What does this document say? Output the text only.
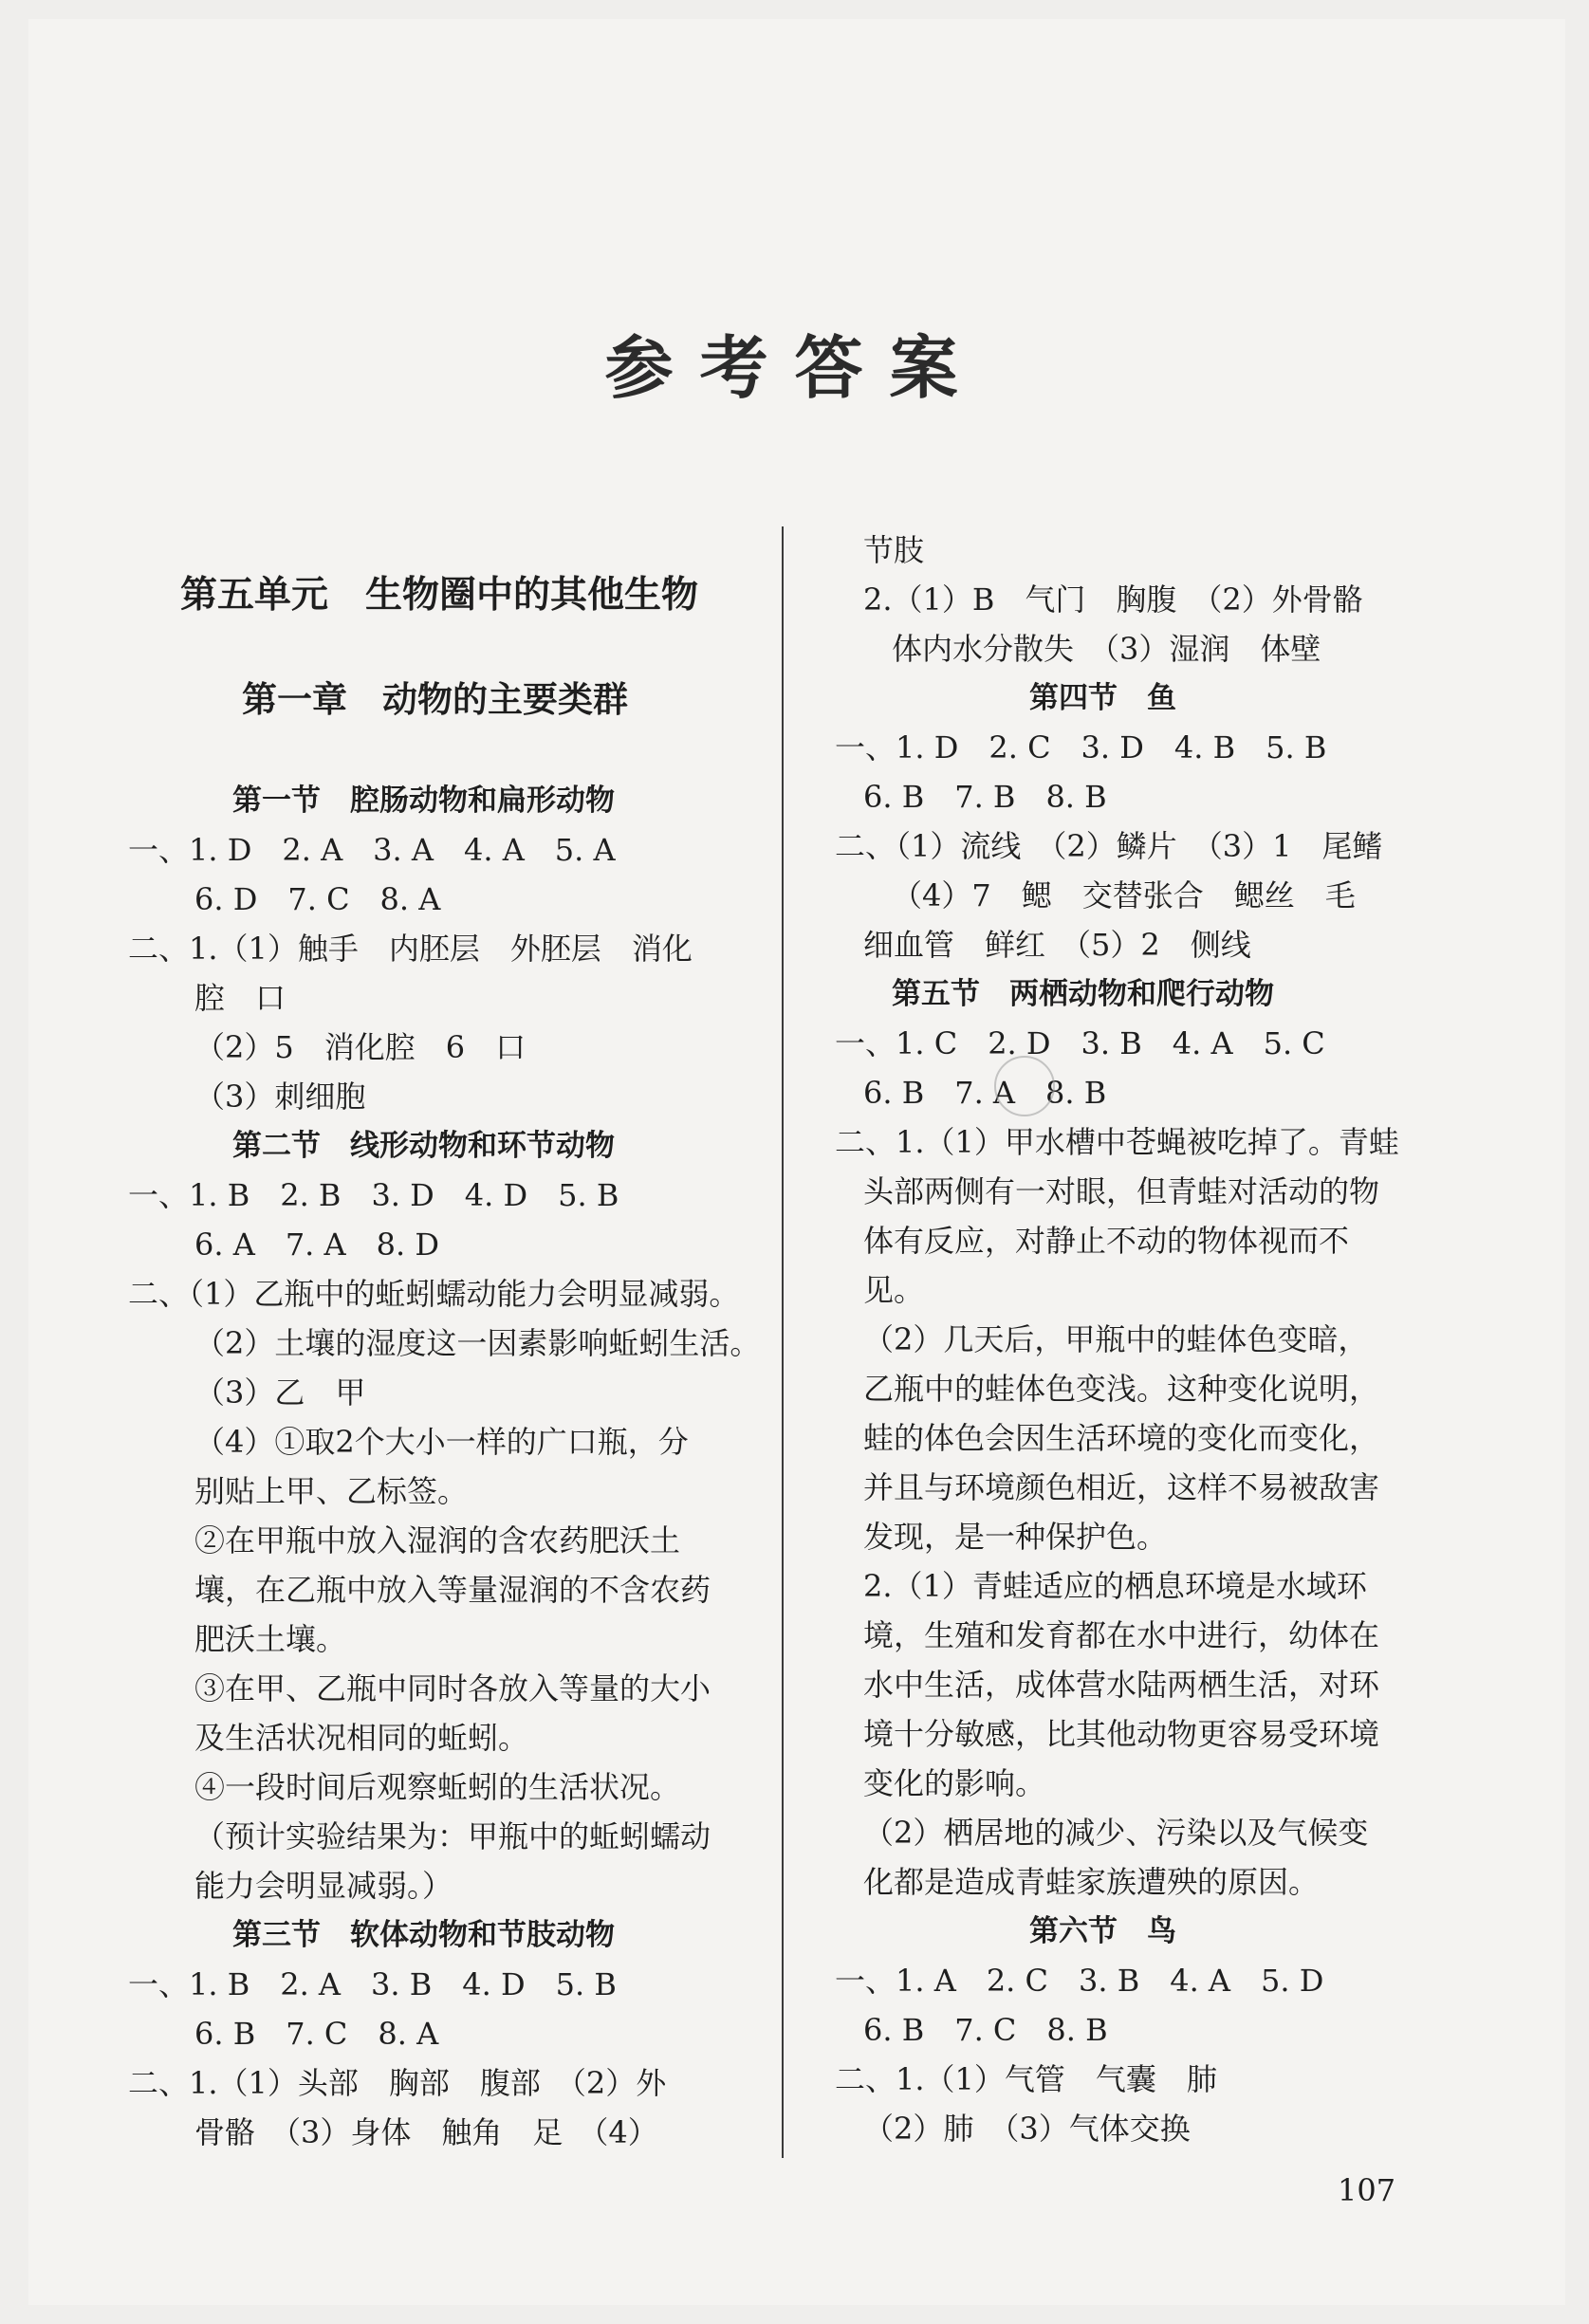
参考答案
第五单元　生物圈中的其他生物
第一章　动物的主要类群
第一节　腔肠动物和扁形动物
一、1. D　2. A　3. A　4. A　5. A
6. D　7. C　8. A
二、1.（1）触手　内胚层　外胚层　消化
腔　口
（2）5　消化腔　6　口
（3）刺细胞
第二节　线形动物和环节动物
一、1. B　2. B　3. D　4. D　5. B
6. A　7. A　8. D
二、（1）乙瓶中的蚯蚓蠕动能力会明显减弱。
（2）土壤的湿度这一因素影响蚯蚓生活。
（3）乙　甲
（4）①取2个大小一样的广口瓶，分
别贴上甲、乙标签。
②在甲瓶中放入湿润的含农药肥沃土
壤，在乙瓶中放入等量湿润的不含农药
肥沃土壤。
③在甲、乙瓶中同时各放入等量的大小
及生活状况相同的蚯蚓。
④一段时间后观察蚯蚓的生活状况。
（预计实验结果为：甲瓶中的蚯蚓蠕动
能力会明显减弱。）
第三节　软体动物和节肢动物
一、1. B　2. A　3. B　4. D　5. B
6. B　7. C　8. A
二、1.（1）头部　胸部　腹部　（2）外
骨骼　（3）身体　触角　足　（4）
节肢
2.（1）B　气门　胸腹　（2）外骨骼
体内水分散失　（3）湿润　体壁
第四节　鱼
一、1. D　2. C　3. D　4. B　5. B
6. B　7. B　8. B
二、（1）流线　（2）鳞片　（3）1　尾鳍
（4）7　鳃　交替张合　鳃丝　毛
细血管　鲜红　（5）2　侧线
第五节　两栖动物和爬行动物
一、1. C　2. D　3. B　4. A　5. C
6. B　7. A　8. B
二、1.（1）甲水槽中苍蝇被吃掉了。青蛙
头部两侧有一对眼，但青蛙对活动的物
体有反应，对静止不动的物体视而不
见。
（2）几天后，甲瓶中的蛙体色变暗，
乙瓶中的蛙体色变浅。这种变化说明，
蛙的体色会因生活环境的变化而变化，
并且与环境颜色相近，这样不易被敌害
发现，是一种保护色。
2.（1）青蛙适应的栖息环境是水域环
境，生殖和发育都在水中进行，幼体在
水中生活，成体营水陆两栖生活，对环
境十分敏感，比其他动物更容易受环境
变化的影响。
（2）栖居地的减少、污染以及气候变
化都是造成青蛙家族遭殃的原因。
第六节　鸟
一、1. A　2. C　3. B　4. A　5. D
6. B　7. C　8. B
二、1.（1）气管　气囊　肺
（2）肺　（3）气体交换
107
